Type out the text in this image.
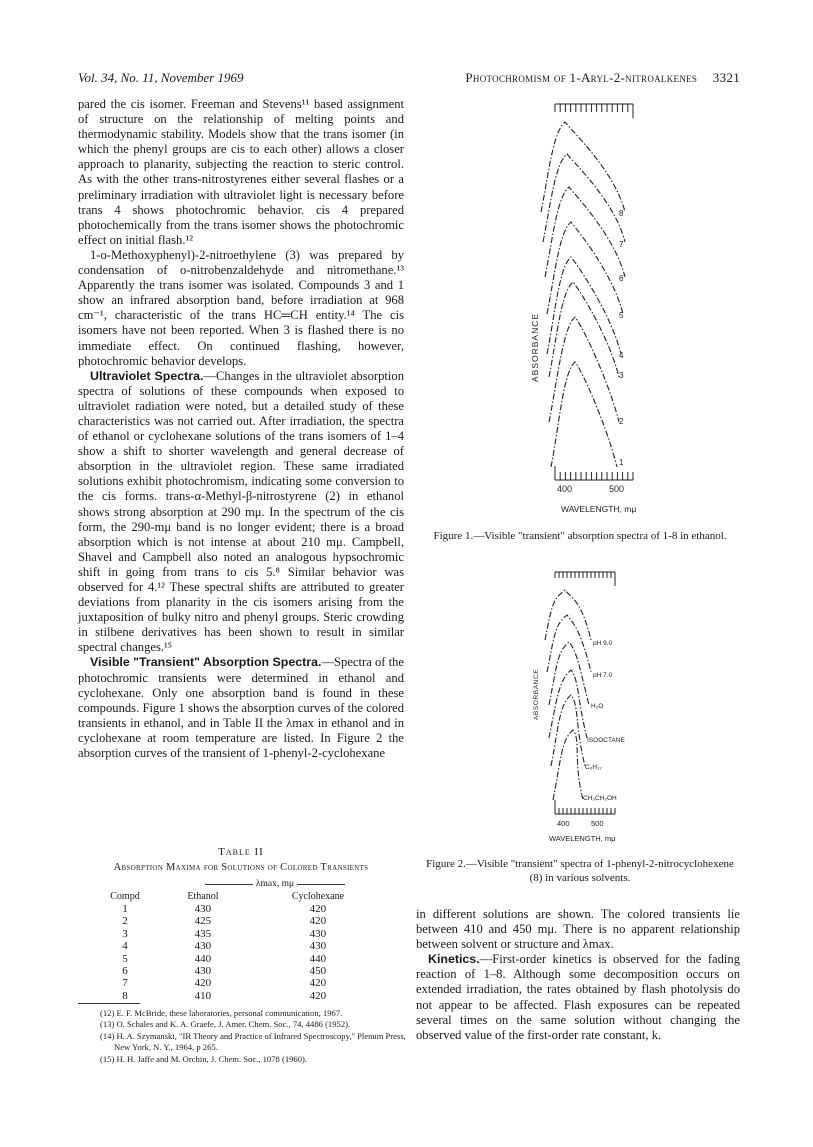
Vol. 34, No. 11, November 1969	Photochromism of 1-Aryl-2-nitroalkenes 3321

pared the cis isomer. Freeman and Stevens¹¹ based assignment of structure on the relationship of melting points and thermodynamic stability. Models show that the trans isomer (in which the phenyl groups are cis to each other) allows a closer approach to planarity, subjecting the reaction to steric control. As with the other trans-nitrostyrenes either several flashes or a preliminary irradiation with ultraviolet light is necessary before trans 4 shows photochromic behavior. cis 4 prepared photochemically from the trans isomer shows the photochromic effect on initial flash.¹²

1-o-Methoxyphenyl)-2-nitroethylene (3) was prepared by condensation of o-nitrobenzaldehyde and nitromethane.¹³ Apparently the trans isomer was isolated. Compounds 3 and 1 show an infrared absorption band, before irradiation at 968 cm⁻¹, characteristic of the trans HC═CH entity.¹⁴ The cis isomers have not been reported. When 3 is flashed there is no immediate effect. On continued flashing, however, photochromic behavior develops.

Ultraviolet Spectra.—Changes in the ultraviolet absorption spectra of solutions of these compounds when exposed to ultraviolet radiation were noted, but a detailed study of these characteristics was not carried out. After irradiation, the spectra of ethanol or cyclohexane solutions of the trans isomers of 1–4 show a shift to shorter wavelength and general decrease of absorption in the ultraviolet region. These same irradiated solutions exhibit photochromism, indicating some conversion to the cis forms. trans-α-Methyl-β-nitrostyrene (2) in ethanol shows strong absorption at 290 mμ. In the spectrum of the cis form, the 290-mμ band is no longer evident; there is a broad absorption which is not intense at about 210 mμ. Campbell, Shavel and Campbell also noted an analogous hypsochromic shift in going from trans to cis 5.⁸ Similar behavior was observed for 4.¹² These spectral shifts are attributed to greater deviations from planarity in the cis isomers arising from the juxtaposition of bulky nitro and phenyl groups. Steric crowding in stilbene derivatives has been shown to result in similar spectral changes.¹⁵

Visible "Transient" Absorption Spectra.—Spectra of the photochromic transients were determined in ethanol and cyclohexane. Only one absorption band is found in these compounds. Figure 1 shows the absorption curves of the colored transients in ethanol, and in Table II the λmax in ethanol and in cyclohexane at room temperature are listed. In Figure 2 the absorption curves of the transient of 1-phenyl-2-cyclohexane

Table II
Absorption Maxima for Solutions of Colored Transients
	λmax, mμ	
Compd	Ethanol	Cyclohexane
1	430	420
2	425	420
3	435	430
4	430	430
5	440	440
6	430	450
7	420	420
8	410	420

(12) E. F. McBride, these laboratories, personal communication, 1967.

(13) O. Schales and K. A. Graefe, J. Amer. Chem. Soc., 74, 4486 (1952).

(14) H. A. Szymanski, "IR Theory and Practice of Infrared Spectroscopy," Plenum Press, New York, N. Y., 1964, p 265.

(15) H. H. Jaffe and M. Orchin, J. Chem. Soc., 1078 (1960).

ABSORBANCE
400	500
WAVELENGTH, mμ
1
2
3
4
5
6
7
8
Figure 1.—Visible "transient" absorption spectra of 1-8 in ethanol.
ABSORBANCE
400	500
WAVELENGTH, mμ
pH 9.0
pH 7.0
H₂O
ISOOCTANE
C₆H₁₂
CH₃CH₂OH
Figure 2.—Visible "transient" spectra of 1-phenyl-2-nitrocyclohexene (8) in various solvents.

in different solutions are shown. The colored transients lie between 410 and 450 mμ. There is no apparent relationship between solvent or structure and λmax.

Kinetics.—First-order kinetics is observed for the fading reaction of 1–8. Although some decomposition occurs on extended irradiation, the rates obtained by flash photolysis do not appear to be affected. Flash exposures can be repeated several times on the same solution without changing the observed value of the first-order rate constant, k.
